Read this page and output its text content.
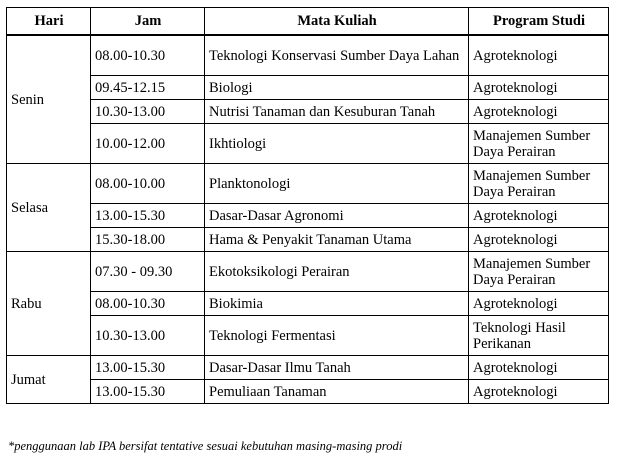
Hari	Jam	Mata Kuliah	Program Studi
Senin	08.00-10.30	Teknologi Konservasi Sumber Daya Lahan	Agroteknologi
	09.45-12.15	Biologi	Agroteknologi
	10.30-13.00	Nutrisi Tanaman dan Kesuburan Tanah	Agroteknologi
	10.00-12.00	Ikhtiologi	Manajemen Sumber Daya Perairan
Selasa	08.00-10.00	Planktonologi	Manajemen Sumber Daya Perairan
	13.00-15.30	Dasar-Dasar Agronomi	Agroteknologi
	15.30-18.00	Hama & Penyakit Tanaman Utama	Agroteknologi
Rabu	07.30 - 09.30	Ekotoksikologi Perairan	Manajemen Sumber Daya Perairan
	08.00-10.30	Biokimia	Agroteknologi
	10.30-13.00	Teknologi Fermentasi	Teknologi Hasil Perikanan
Jumat	13.00-15.30	Dasar-Dasar Ilmu Tanah	Agroteknologi
	13.00-15.30	Pemuliaan Tanaman	Agroteknologi
*penggunaan lab IPA bersifat tentative sesuai kebutuhan masing-masing prodi
